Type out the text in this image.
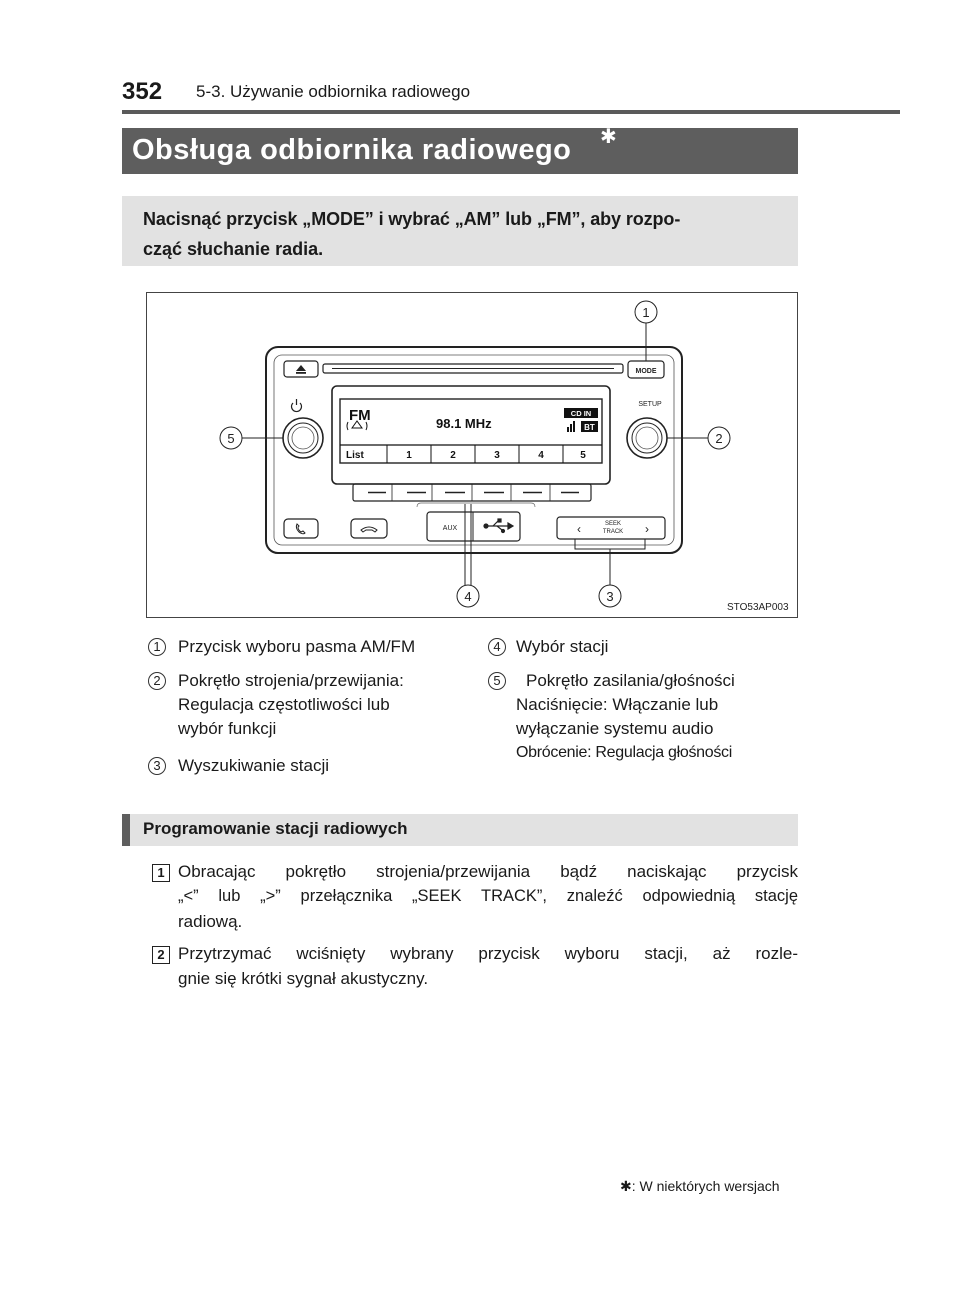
352 5-3. Używanie odbiornika radiowego
Obsługa odbiornika radiowego ✱
Nacisnąć przycisk „MODE” i wybrać „AM” lub „FM”, aby rozpo-
cząć słuchanie radia.
MODE
FM	98.1 MHz
CD IN
BT
List	1	2	3	4	5
SETUP
AUX	‹	SEEK
TRACK ›
1
2
3
4
5
STO53AP003
1	Przycisk wyboru pasma AM/FM
2	Pokrętło strojenia/przewijania:
Regulacja częstotliwości lub
wybór funkcji
3	Wyszukiwanie stacji
4 Wybór stacji
5	Pokrętło zasilania/głośności
Naciśnięcie: Włączanie lub
wyłączanie systemu audio
Obrócenie: Regulacja głośności
Programowanie stacji radiowych
1 Obracając pokrętło strojenia/przewijania bądź naciskając przycisk
„<” lub „>” przełącznika „SEEK TRACK”, znaleźć odpowiednią stację
radiową.
2 Przytrzymać wciśnięty wybrany przycisk wyboru stacji, aż rozle-
gnie się krótki sygnał akustyczny.
✱: W niektórych wersjach
